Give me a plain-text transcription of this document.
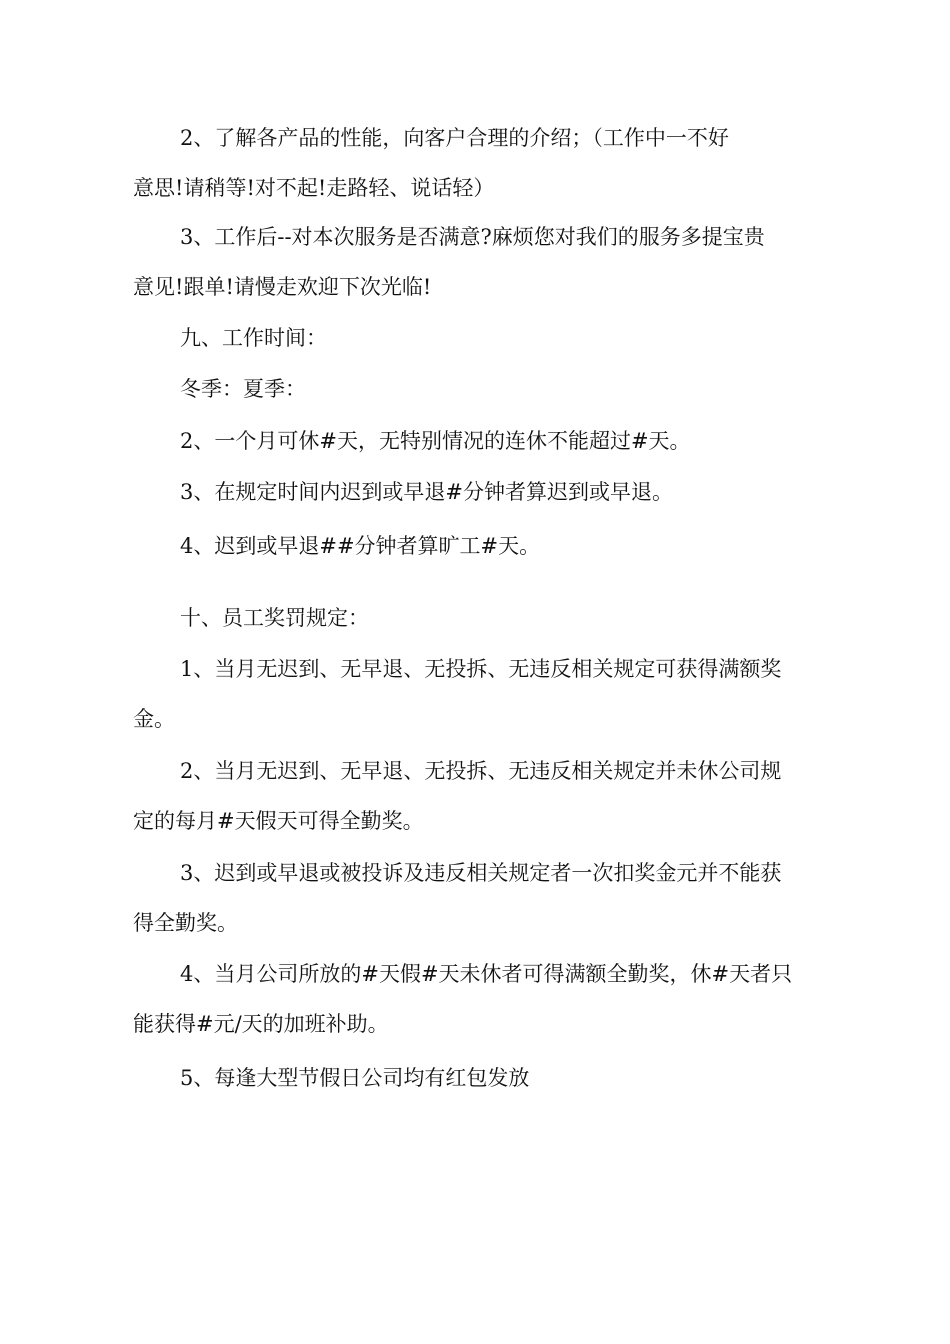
2、了解各产品的性能，向客户合理的介绍；（工作中一不好
意思!请稍等!对不起!走路轻、说话轻）

3、工作后--对本次服务是否满意?麻烦您对我们的服务多提宝贵
意见!跟单!请慢走欢迎下次光临!

九、工作时间：

冬季：夏季：

2、一个月可休#天，无特别情况的连休不能超过#天。

3、在规定时间内迟到或早退#分钟者算迟到或早退。

4、迟到或早退##分钟者算旷工#天。

十、员工奖罚规定：

1、当月无迟到、无早退、无投拆、无违反相关规定可获得满额奖
金。

2、当月无迟到、无早退、无投拆、无违反相关规定并未休公司规
定的每月#天假天可得全勤奖。

3、迟到或早退或被投诉及违反相关规定者一次扣奖金元并不能获
得全勤奖。

4、当月公司所放的#天假#天未休者可得满额全勤奖，休#天者只
能获得#元/天的加班补助。

5、每逢大型节假日公司均有红包发放
